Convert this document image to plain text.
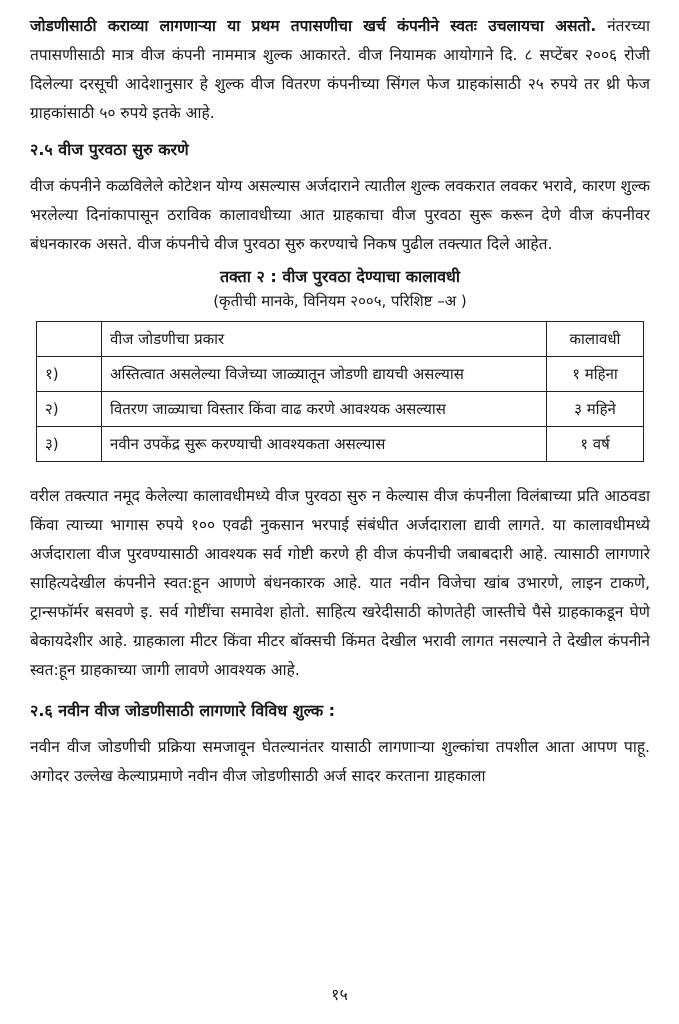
जोडणीसाठी कराव्या लागणाऱ्या या प्रथम तपासणीचा खर्च कंपनीने स्वतः उचलायचा असतो. नंतरच्या तपासणीसाठी मात्र वीज कंपनी नाममात्र शुल्क आकारते. वीज नियामक आयोगाने दि. ८ सप्टेंबर २००६ रोजी दिलेल्या दरसूची आदेशानुसार हे शुल्क वीज वितरण कंपनीच्या सिंगल फेज ग्राहकांसाठी २५ रुपये तर थ्री फेज ग्राहकांसाठी ५० रुपये इतके आहे.

२.५ वीज पुरवठा सुरु करणे

वीज कंपनीने कळविलेले कोटेशन योग्य असल्यास अर्जदाराने त्यातील शुल्क लवकरात लवकर भरावे, कारण शुल्क भरलेल्या दिनांकापासून ठराविक कालावधीच्या आत ग्राहकाचा वीज पुरवठा सुरू करून देणे वीज कंपनीवर बंधनकारक असते. वीज कंपनीचे वीज पुरवठा सुरु करण्याचे निकष पुढील तक्त्यात दिले आहेत.

तक्ता २ : वीज पुरवठा देण्याचा कालावधी
(कृतीची मानके, विनियम २००५, परिशिष्ट –अ )
	वीज जोडणीचा प्रकार	कालावधी
१)	अस्तित्वात असलेल्या विजेच्या जाळ्यातून जोडणी द्यायची असल्यास	१ महिना
२)	वितरण जाळ्याचा विस्तार किंवा वाढ करणे आवश्यक असल्यास	३ महिने
३)	नवीन उपकेंद्र सुरू करण्याची आवश्यकता असल्यास	१ वर्ष

वरील तक्त्यात नमूद केलेल्या कालावधीमध्ये वीज पुरवठा सुरु न केल्यास वीज कंपनीला विलंबाच्या प्रति आठवडा किंवा त्याच्या भागास रुपये १०० एवढी नुकसान भरपाई संबंधीत अर्जदाराला द्यावी लागते. या कालावधीमध्ये अर्जदाराला वीज पुरवण्यासाठी आवश्यक सर्व गोष्टी करणे ही वीज कंपनीची जबाबदारी आहे. त्यासाठी लागणारे साहित्यदेखील कंपनीने स्वत:हून आणणे बंधनकारक आहे. यात नवीन विजेचा खांब उभारणे, लाइन टाकणे, ट्रान्सफॉर्मर बसवणे इ. सर्व गोष्टींचा समावेश होतो. साहित्य खरेदीसाठी कोणतेही जास्तीचे पैसे ग्राहकाकडून घेणे बेकायदेशीर आहे. ग्राहकाला मीटर किंवा मीटर बॉक्सची किंमत देखील भरावी लागत नसल्याने ते देखील कंपनीने स्वत:हून ग्राहकाच्या जागी लावणे आवश्यक आहे.

२.६ नवीन वीज जोडणीसाठी लागणारे विविध शुल्क :

नवीन वीज जोडणीची प्रक्रिया समजावून घेतल्यानंतर यासाठी लागणाऱ्या शुल्कांचा तपशील आता आपण पाहू. अगोदर उल्लेख केल्याप्रमाणे नवीन वीज जोडणीसाठी अर्ज सादर करताना ग्राहकाला

१५
